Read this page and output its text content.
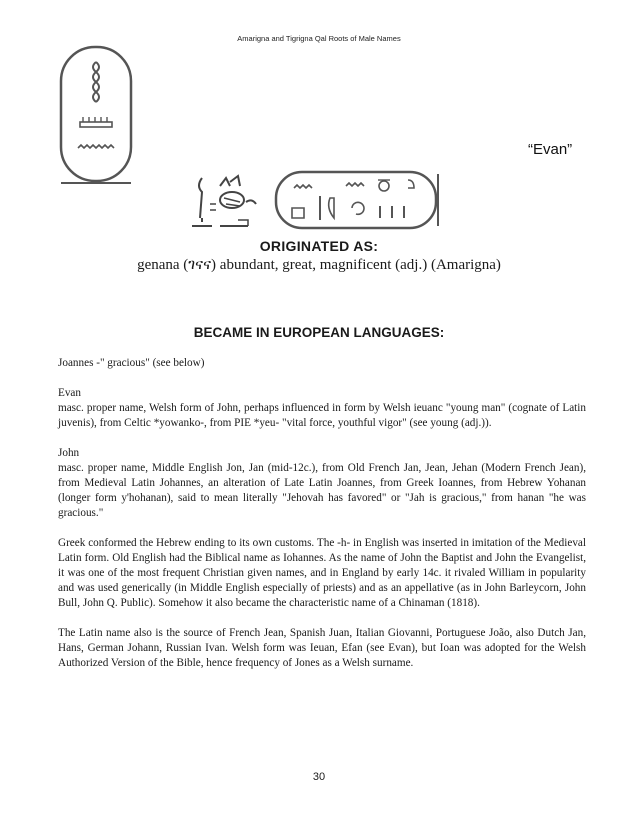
Amarigna and Tigrigna Qal Roots of Male Names
“Evan”
ORIGINATED AS:
genana (ገናና) abundant, great, magnificent (adj.) (Amarigna)
BECAME IN EUROPEAN LANGUAGES:

Joannes -" gracious" (see below)

Evan
masc. proper name, Welsh form of John, perhaps influenced in form by Welsh ieuanc "young man" (cognate of Latin juvenis), from Celtic *yowanko-, from PIE *yeu- "vital force, youthful vigor" (see young (adj.)).

John
masc. proper name, Middle English Jon, Jan (mid-12c.), from Old French Jan, Jean, Jehan (Modern French Jean), from Medieval Latin Johannes, an alteration of Late Latin Joannes, from Greek Ioannes, from Hebrew Yohanan (longer form y'hohanan), said to mean literally "Jehovah has favored" or "Jah is gracious," from hanan "he was gracious."

Greek conformed the Hebrew ending to its own customs. The -h- in English was inserted in imitation of the Medieval Latin form. Old English had the Biblical name as Iohannes. As the name of John the Baptist and John the Evangelist, it was one of the most frequent Christian given names, and in England by early 14c. it rivaled William in popularity and was used generically (in Middle English especially of priests) and as an appellative (as in John Barleycorn, John Bull, John Q. Public). Somehow it also became the characteristic name of a Chinaman (1818).

The Latin name also is the source of French Jean, Spanish Juan, Italian Giovanni, Portuguese João, also Dutch Jan, Hans, German Johann, Russian Ivan. Welsh form was Ieuan, Efan (see Evan), but Ioan was adopted for the Welsh Authorized Version of the Bible, hence frequency of Jones as a Welsh surname.

30
